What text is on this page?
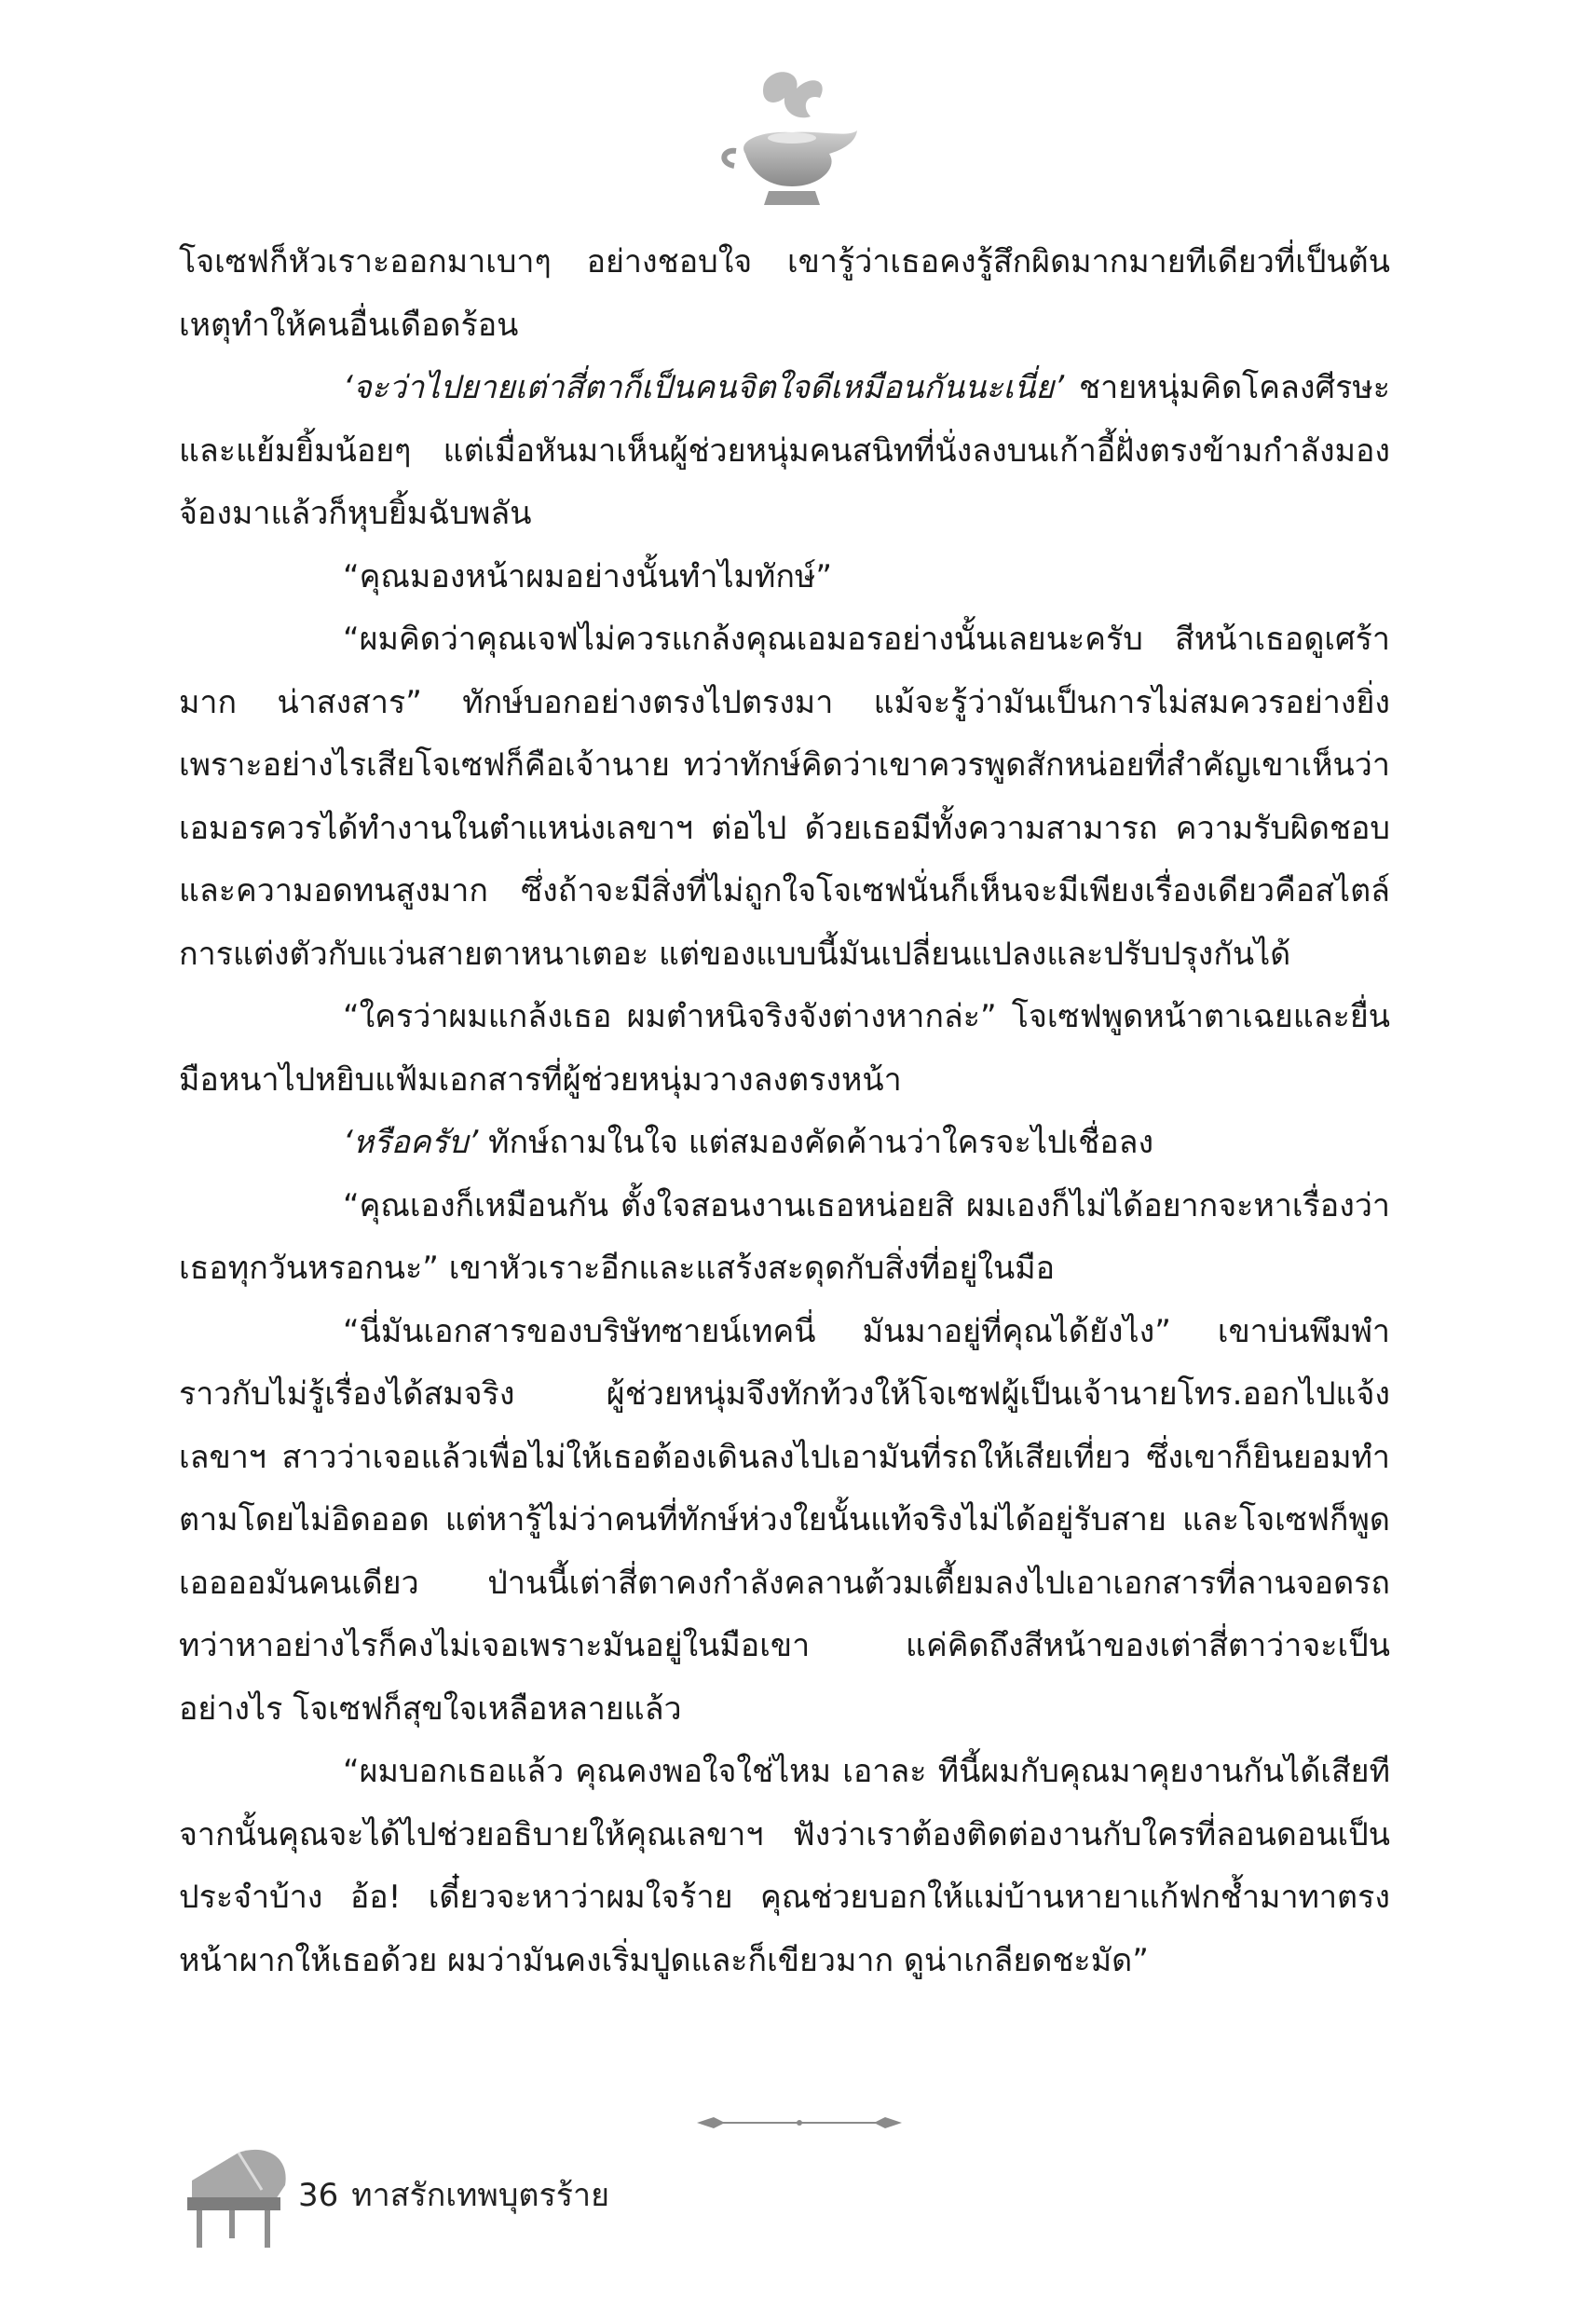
โจเซฟก็หัวเราะออกมาเบาๆ อย่างชอบใจ เขารู้ว่าเธอคงรู้สึกผิดมากมายทีเดียวที่เป็นต้นเหตุทำให้คนอื่นเดือดร้อน

‘จะว่าไปยายเต่าสี่ตาก็เป็นคนจิตใจดีเหมือนกันนะเนี่ย’ ชายหนุ่มคิดโคลงศีรษะและแย้มยิ้มน้อยๆ แต่เมื่อหันมาเห็นผู้ช่วยหนุ่มคนสนิทที่นั่งลงบนเก้าอี้ฝั่งตรงข้ามกำลังมองจ้องมาแล้วก็หุบยิ้มฉับพลัน

“คุณมองหน้าผมอย่างนั้นทำไมทักษ์”

“ผมคิดว่าคุณเจฟไม่ควรแกล้งคุณเอมอรอย่างนั้นเลยนะครับ สีหน้าเธอดูเศร้ามาก น่าสงสาร” ทักษ์บอกอย่างตรงไปตรงมา แม้จะรู้ว่ามันเป็นการไม่สมควรอย่างยิ่ง เพราะอย่างไรเสียโจเซฟก็คือเจ้านาย ทว่าทักษ์คิดว่าเขาควรพูดสักหน่อยที่สำคัญเขาเห็นว่าเอมอรควรได้ทำงานในตำแหน่งเลขาฯ ต่อไป ด้วยเธอมีทั้งความสามารถ ความรับผิดชอบ และความอดทนสูงมาก ซึ่งถ้าจะมีสิ่งที่ไม่ถูกใจโจเซฟนั่นก็เห็นจะมีเพียงเรื่องเดียวคือสไตล์การแต่งตัวกับแว่นสายตาหนาเตอะ แต่ของแบบนี้มันเปลี่ยนแปลงและปรับปรุงกันได้

“ใครว่าผมแกล้งเธอ ผมตำหนิจริงจังต่างหากล่ะ” โจเซฟพูดหน้าตาเฉยและยื่นมือหนาไปหยิบแฟ้มเอกสารที่ผู้ช่วยหนุ่มวางลงตรงหน้า

‘หรือครับ’ ทักษ์ถามในใจ แต่สมองคัดค้านว่าใครจะไปเชื่อลง

“คุณเองก็เหมือนกัน ตั้งใจสอนงานเธอหน่อยสิ ผมเองก็ไม่ได้อยากจะหาเรื่องว่าเธอทุกวันหรอกนะ” เขาหัวเราะอีกและแสร้งสะดุดกับสิ่งที่อยู่ในมือ

“นี่มันเอกสารของบริษัทซายน์เทคนี่ มันมาอยู่ที่คุณได้ยังไง” เขาบ่นพึมพำราวกับไม่รู้เรื่องได้สมจริง ผู้ช่วยหนุ่มจึงทักท้วงให้โจเซฟผู้เป็นเจ้านายโทร.ออกไปแจ้งเลขาฯ สาวว่าเจอแล้วเพื่อไม่ให้เธอต้องเดินลงไปเอามันที่รถให้เสียเที่ยว ซึ่งเขาก็ยินยอมทำตามโดยไม่อิดออด แต่หารู้ไม่ว่าคนที่ทักษ์ห่วงใยนั้นแท้จริงไม่ได้อยู่รับสาย และโจเซฟก็พูดเออออมันคนเดียว ป่านนี้เต่าสี่ตาคงกำลังคลานต้วมเตี้ยมลงไปเอาเอกสารที่ลานจอดรถ ทว่าหาอย่างไรก็คงไม่เจอเพราะมันอยู่ในมือเขา แค่คิดถึงสีหน้าของเต่าสี่ตาว่าจะเป็นอย่างไร โจเซฟก็สุขใจเหลือหลายแล้ว

“ผมบอกเธอแล้ว คุณคงพอใจใช่ไหม เอาละ ทีนี้ผมกับคุณมาคุยงานกันได้เสียที จากนั้นคุณจะได้ไปช่วยอธิบายให้คุณเลขาฯ ฟังว่าเราต้องติดต่องานกับใครที่ลอนดอนเป็นประจำบ้าง อ้อ! เดี๋ยวจะหาว่าผมใจร้าย คุณช่วยบอกให้แม่บ้านหายาแก้ฟกช้ำมาทาตรงหน้าผากให้เธอด้วย ผมว่ามันคงเริ่มปูดและก็เขียวมาก ดูน่าเกลียดชะมัด”

36 ทาสรักเทพบุตรร้าย
